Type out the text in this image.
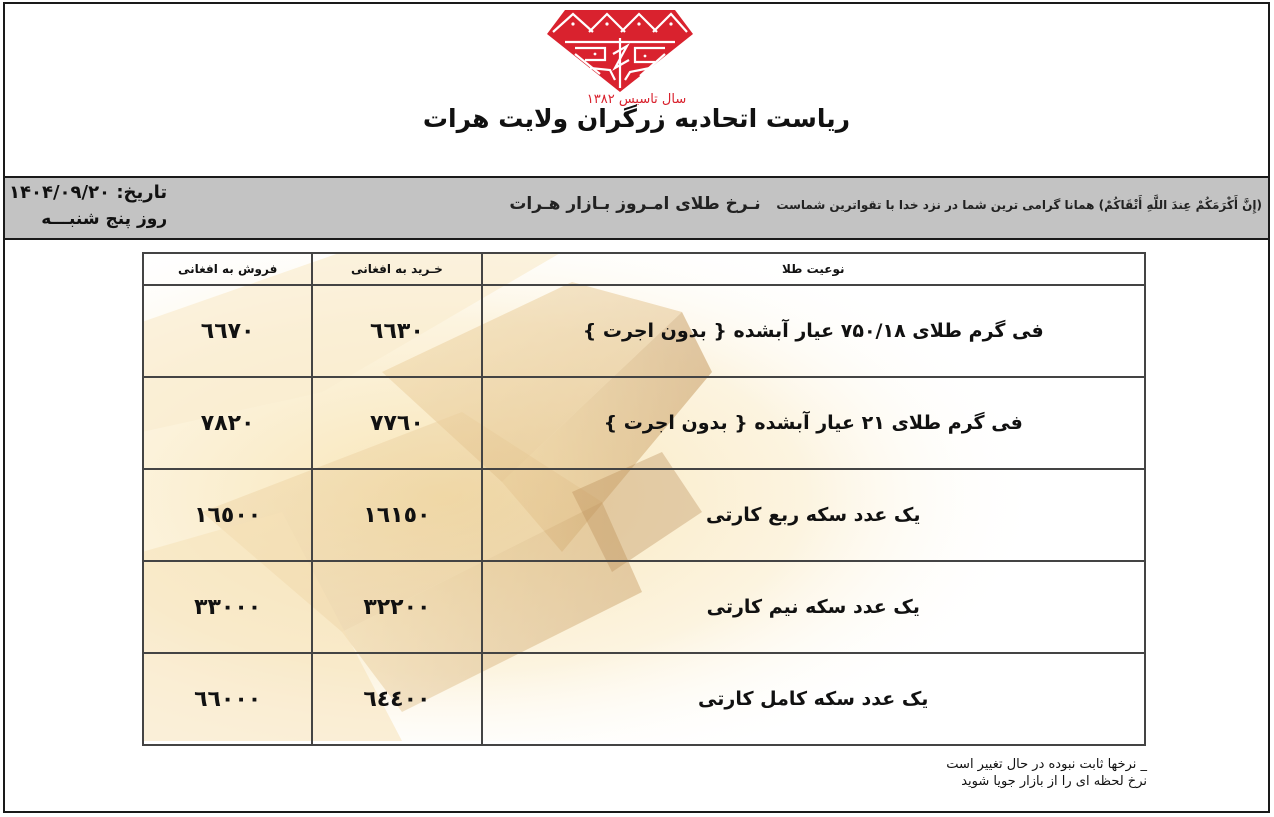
سال تاسیس ۱۳۸۲
ریاست اتحادیه زرگران ولایت هرات
تاریخ: ۱۴۰۴/۰۹/۲۰
روز پنج شنبـــه
نـرخ طلای امـروز بـازار هـرات	(إِنَّ أَكْرَمَكُمْ عِندَ اللَّهِ أَتْقَاكُمْ) همانا گرامی ترین شما در نزد خدا با تقواترین شماست
نوعیت طلا	خـرید به افغانی	فروش به افغانی
فی گرم طلای ۷۵۰/۱۸ عیار آبشده { بدون اجرت }	٦٦٣٠	٦٦٧٠
فی گرم طلای ۲۱ عیار آبشده { بدون اجرت }	٧٧٦٠	٧٨٢٠
یک عدد سکه ربع کارتی	١٦١٥٠	١٦٥٠٠
یک عدد سکه نیم کارتی	٣٢٢٠٠	٣٣٠٠٠
یک عدد سکه کامل کارتی	٦٤٤٠٠	٦٦٠٠٠
_ نرخها ثابت نبوده در حال تغییر است
نرخ لحظه ای را از بازار جویا شوید
